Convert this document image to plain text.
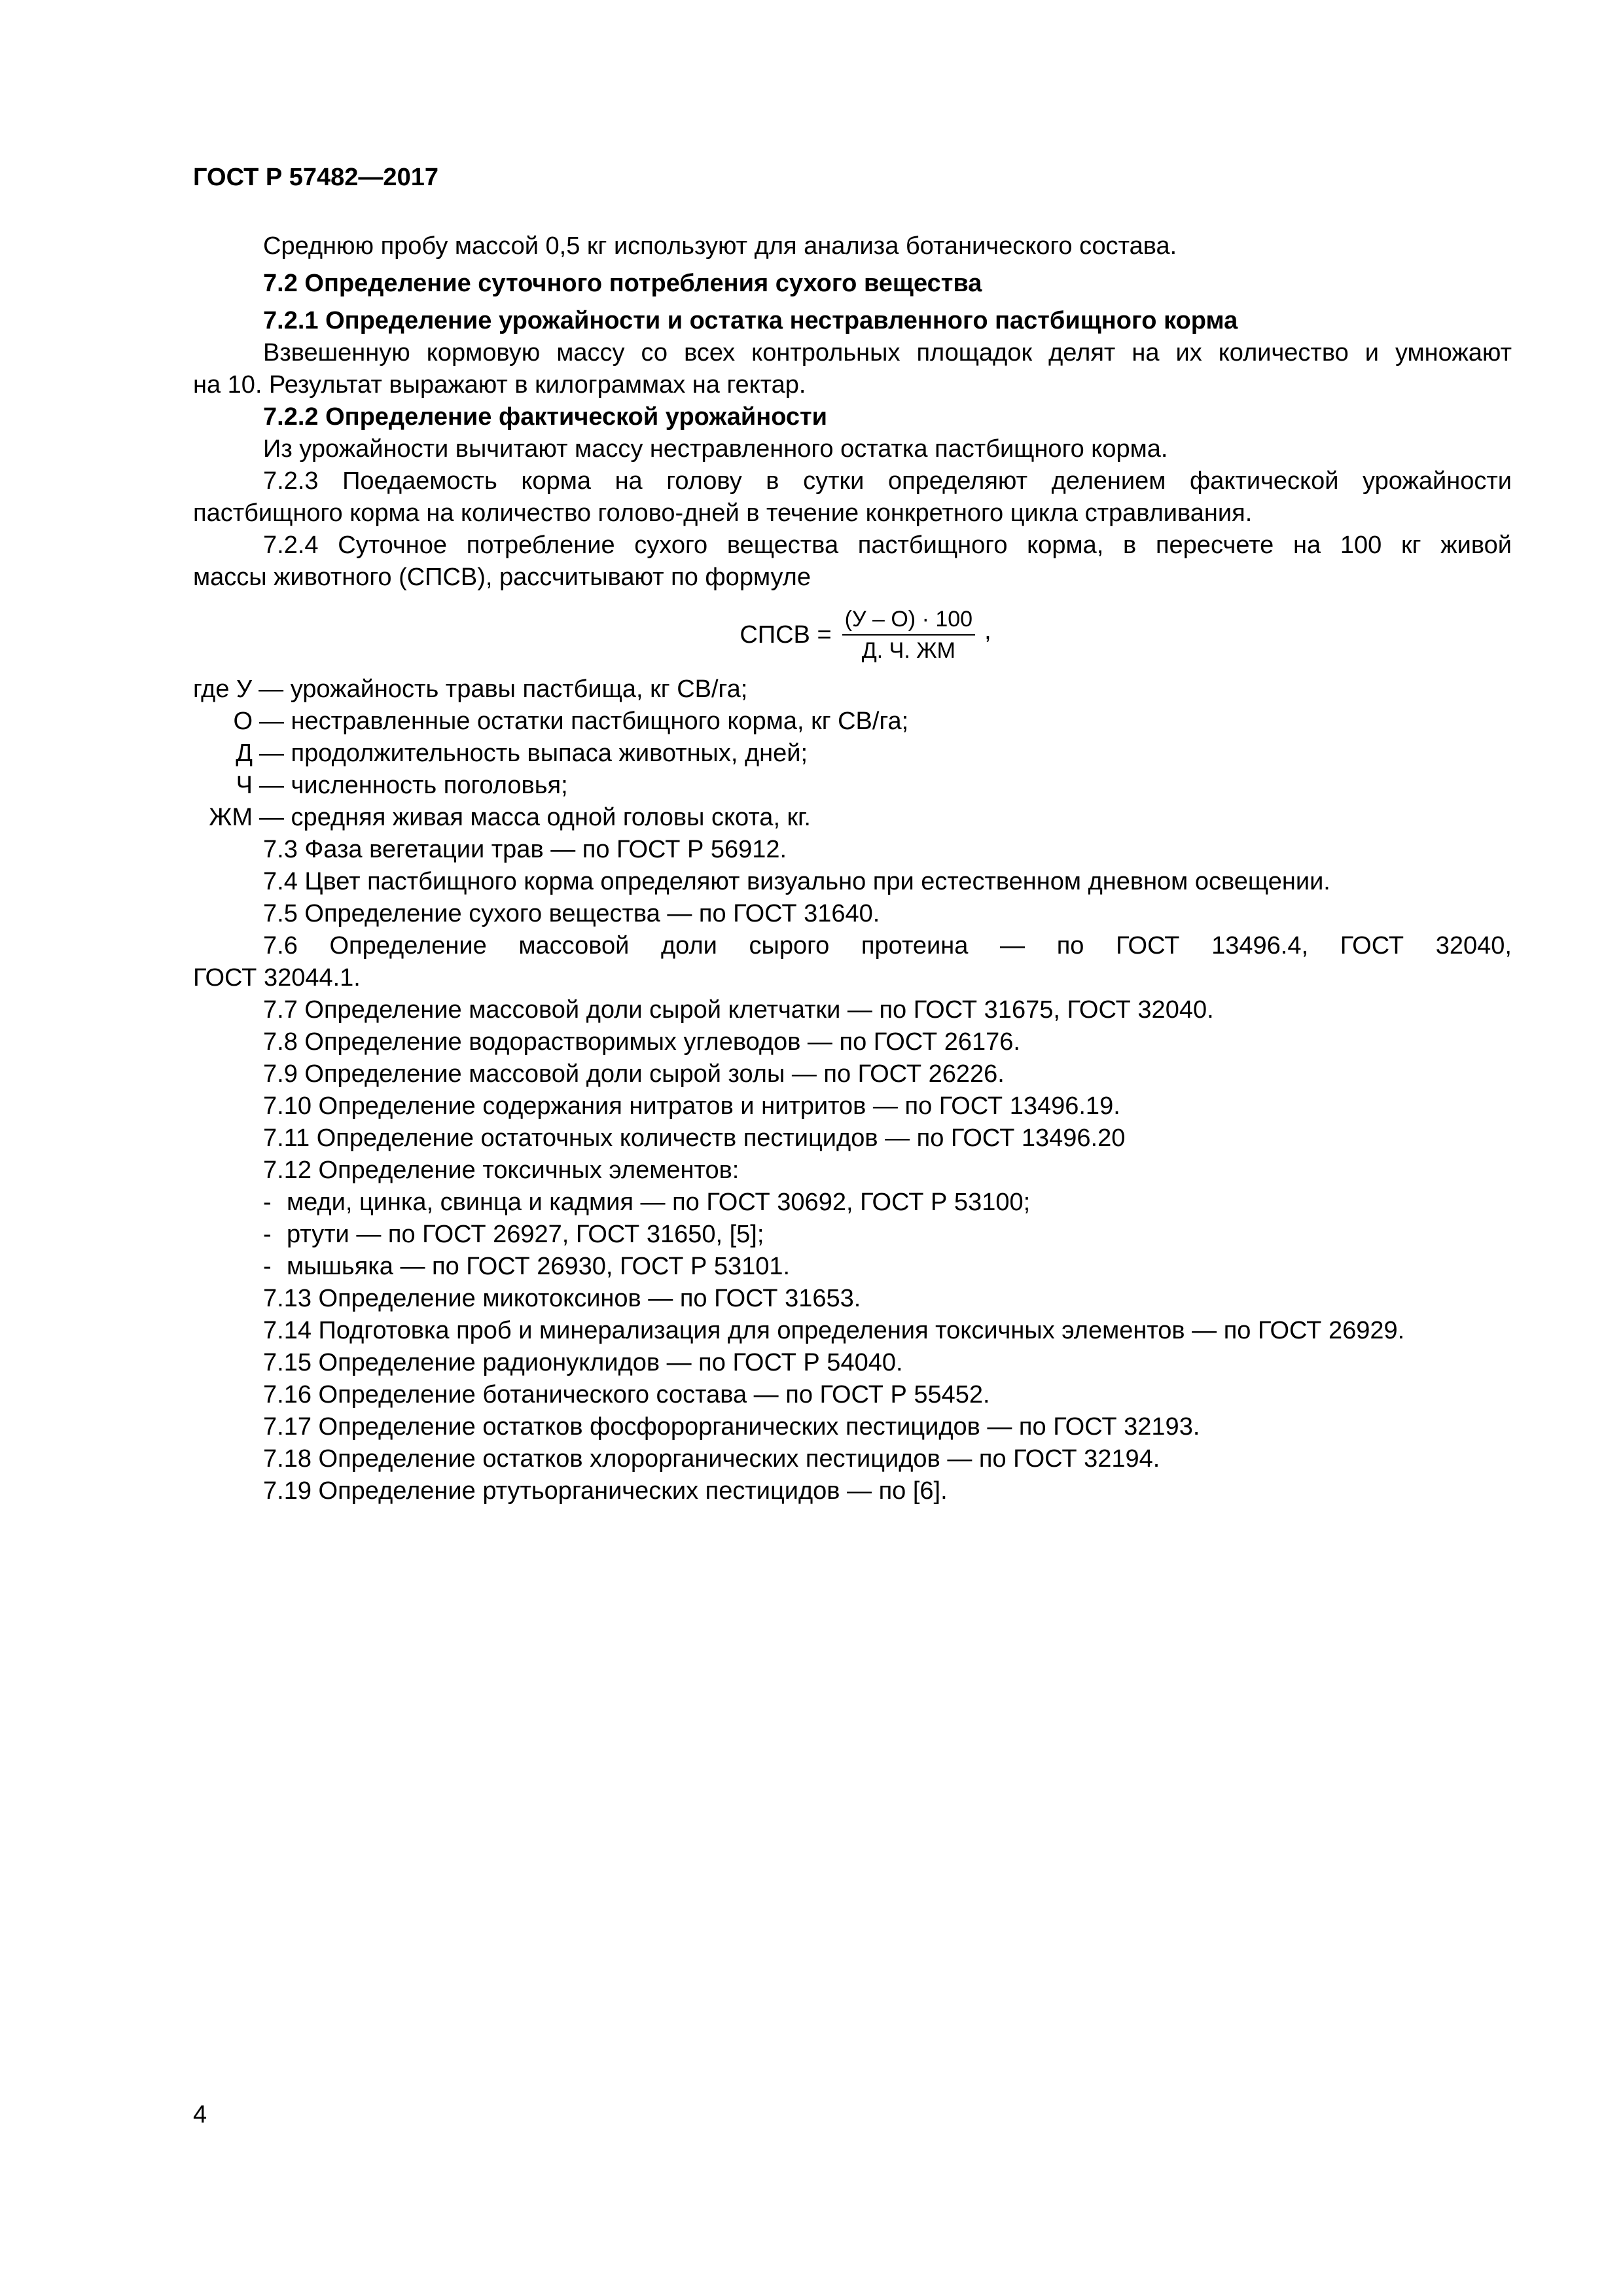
ГОСТ Р 57482—2017

Среднюю пробу массой 0,5 кг используют для анализа ботанического состава.

7.2 Определение суточного потребления сухого вещества

7.2.1 Определение урожайности и остатка нестравленного пастбищного корма

Взвешенную кормовую массу со всех контрольных площадок делят на их количество и умножают

на 10. Результат выражают в килограммах на гектар.

7.2.2 Определение фактической урожайности

Из урожайности вычитают массу нестравленного остатка пастбищного корма.

7.2.3 Поедаемость корма на голову в сутки определяют делением фактической урожайности

пастбищного корма на количество голово-дней в течение конкретного цикла стравливания.

7.2.4 Суточное потребление сухого вещества пастбищного корма, в пересчете на 100 кг живой

массы животного (СПСВ), рассчитывают по формуле

СПСВ = $\frac{(У - О) \cdot 100}{Д. Ч. ЖМ}$ ,
где У — урожайность травы пастбища, кг СВ/га;
О — нестравленные остатки пастбищного корма, кг СВ/га;
Д — продолжительность выпаса животных, дней;
Ч — численность поголовья;
ЖМ — средняя живая масса одной головы скота, кг.

7.3 Фаза вегетации трав — по ГОСТ Р 56912.

7.4 Цвет пастбищного корма определяют визуально при естественном дневном освещении.

7.5 Определение сухого вещества — по ГОСТ 31640.

7.6 Определение массовой доли сырого протеина — по ГОСТ 13496.4, ГОСТ 32040,

ГОСТ 32044.1.

7.7 Определение массовой доли сырой клетчатки — по ГОСТ 31675, ГОСТ 32040.

7.8 Определение водорастворимых углеводов — по ГОСТ 26176.

7.9 Определение массовой доли сырой золы — по ГОСТ 26226.

7.10 Определение содержания нитратов и нитритов — по ГОСТ 13496.19.

7.11 Определение остаточных количеств пестицидов — по ГОСТ 13496.20

7.12 Определение токсичных элементов:

- меди, цинка, свинца и кадмия — по ГОСТ 30692, ГОСТ Р 53100;
- ртути — по ГОСТ 26927, ГОСТ 31650, [5];
- мышьяка — по ГОСТ 26930, ГОСТ Р 53101.

7.13 Определение микотоксинов — по ГОСТ 31653.

7.14 Подготовка проб и минерализация для определения токсичных элементов — по ГОСТ 26929.

7.15 Определение радионуклидов — по ГОСТ Р 54040.

7.16 Определение ботанического состава — по ГОСТ Р 55452.

7.17 Определение остатков фосфорорганических пестицидов — по ГОСТ 32193.

7.18 Определение остатков хлорорганических пестицидов — по ГОСТ 32194.

7.19 Определение ртутьорганических пестицидов — по [6].

4
